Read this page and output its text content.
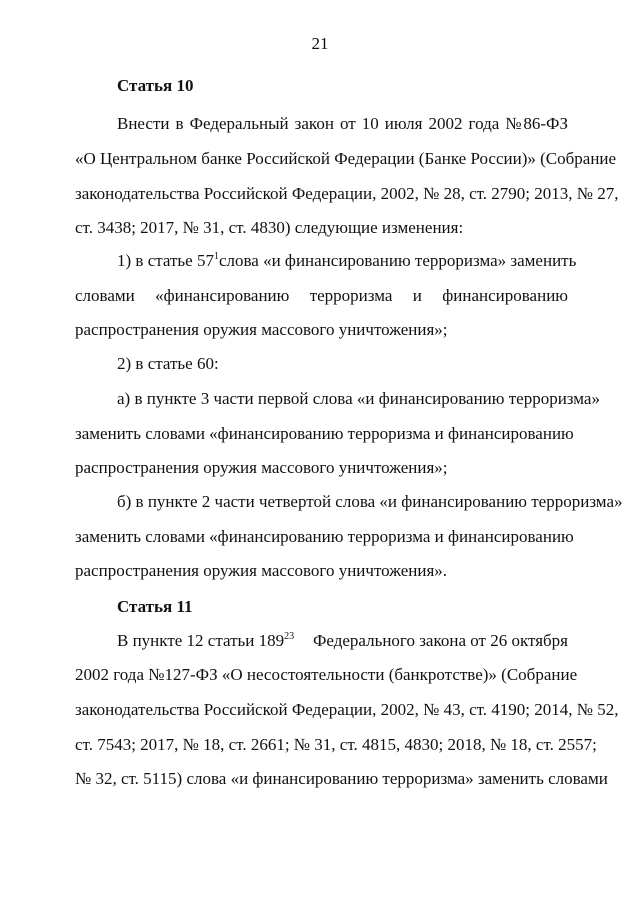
21
Статья 10
Внести в Федеральный закон от 10 июля 2002 года №86-ФЗ
«О Центральном банке Российской Федерации (Банке России)» (Собрание
законодательства Российской Федерации, 2002, № 28, ст. 2790; 2013, № 27,
ст. 3438; 2017, № 31, ст. 4830) следующие изменения:
1) в статье $57^1$ слова «и финансированию терроризма» заменить
словами «финансированию терроризма и финансированию
распространения оружия массового уничтожения»;
2) в статье 60:
а) в пункте 3 части первой слова «и финансированию терроризма»
заменить словами «финансированию терроризма и финансированию
распространения оружия массового уничтожения»;
б) в пункте 2 части четвертой слова «и финансированию терроризма»
заменить словами «финансированию терроризма и финансированию
распространения оружия массового уничтожения».
Статья 11
В пункте 12 статьи $189^{23}$ Федерального закона от 26 октября
2002 года №127-ФЗ «О несостоятельности (банкротстве)» (Собрание
законодательства Российской Федерации, 2002, № 43, ст. 4190; 2014, № 52,
ст. 7543; 2017, № 18, ст. 2661; № 31, ст. 4815, 4830; 2018, № 18, ст. 2557;
№ 32, ст. 5115) слова «и финансированию терроризма» заменить словами
